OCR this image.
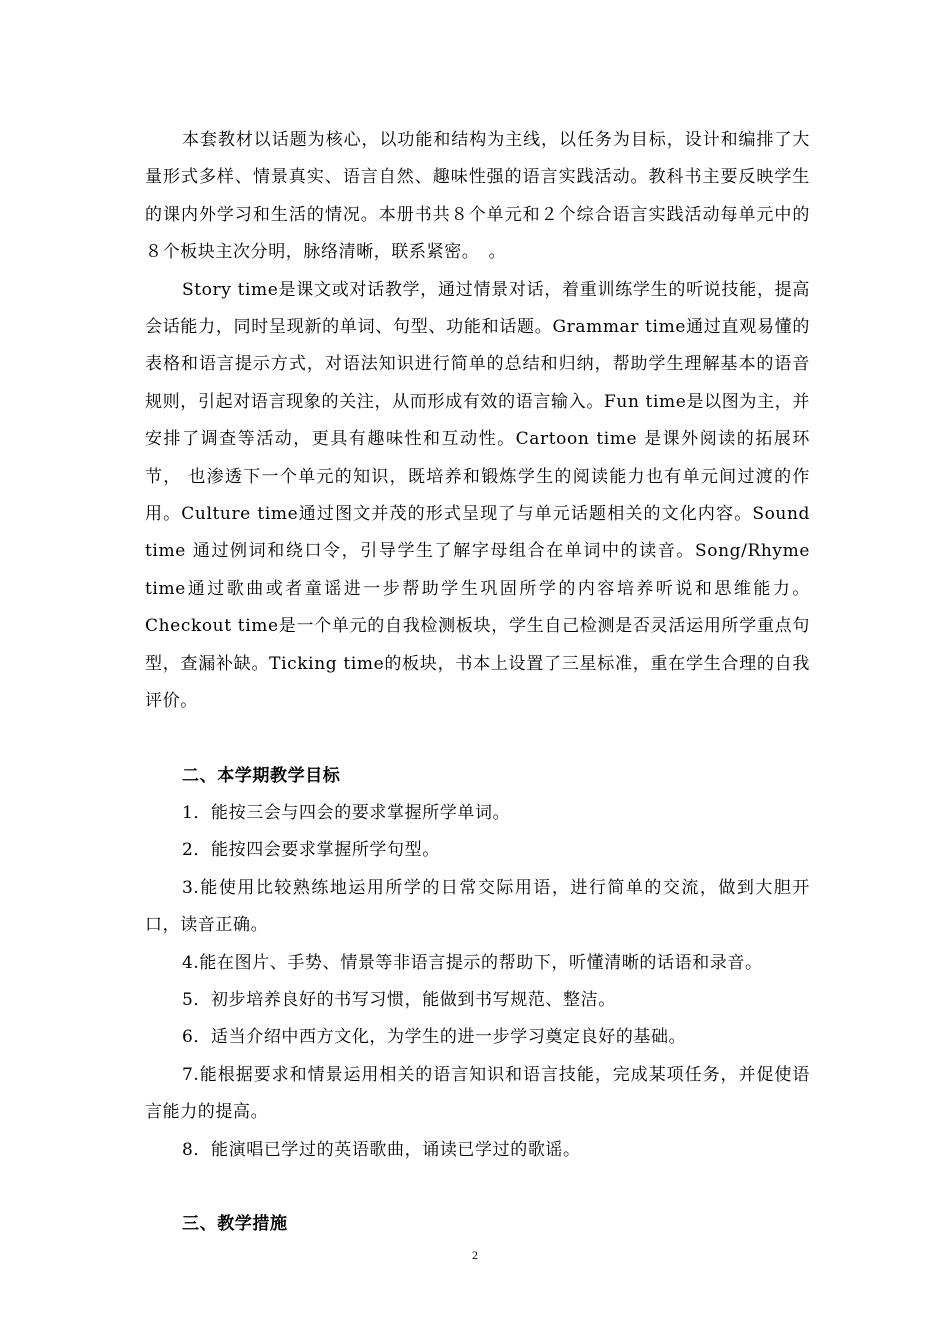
本套教材以话题为核心，以功能和结构为主线，以任务为目标，设计和编排了大量形式多样、情景真实、语言自然、趣味性强的语言实践活动。教科书主要反映学生的课内外学习和生活的情况。本册书共８个单元和２个综合语言实践活动每单元中的８个板块主次分明，脉络清晰，联系紧密。　。

Story time是课文或对话教学，通过情景对话，着重训练学生的听说技能，提高会话能力，同时呈现新的单词、句型、功能和话题。Grammar time通过直观易懂的表格和语言提示方式，对语法知识进行简单的总结和归纳，帮助学生理解基本的语音规则，引起对语言现象的关注，从而形成有效的语言输入。Fun time是以图为主，并安排了调查等活动，更具有趣味性和互动性。Cartoon time 是课外阅读的拓展环节， 也渗透下一个单元的知识，既培养和锻炼学生的阅读能力也有单元间过渡的作用。Culture time通过图文并茂的形式呈现了与单元话题相关的文化内容。Sound time 通过例词和绕口令，引导学生了解字母组合在单词中的读音。Song/Rhyme time通过歌曲或者童谣进一步帮助学生巩固所学的内容培养听说和思维能力。Checkout time是一个单元的自我检测板块，学生自己检测是否灵活运用所学重点句型，查漏补缺。Ticking time的板块，书本上设置了三星标准，重在学生合理的自我评价。

二、本学期教学目标

1．能按三会与四会的要求掌握所学单词。

2．能按四会要求掌握所学句型。

3.能使用比较熟练地运用所学的日常交际用语，进行简单的交流，做到大胆开口，读音正确。

4.能在图片、手势、情景等非语言提示的帮助下，听懂清晰的话语和录音。

5．初步培养良好的书写习惯，能做到书写规范、整洁。

6．适当介绍中西方文化，为学生的进一步学习奠定良好的基础。

7.能根据要求和情景运用相关的语言知识和语言技能，完成某项任务，并促使语言能力的提高。

8．能演唱已学过的英语歌曲，诵读已学过的歌谣。

三、教学措施
2
